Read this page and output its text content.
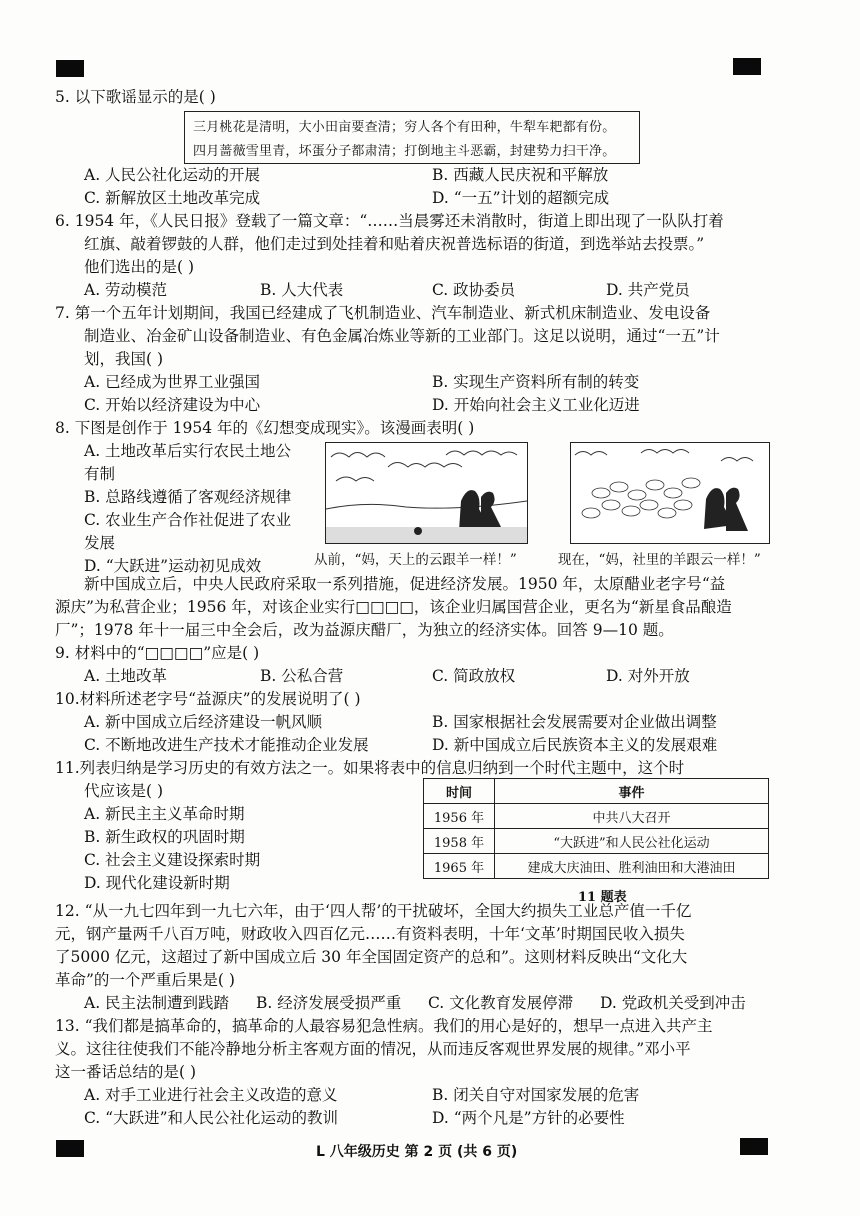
5. 以下歌谣显示的是( )
三月桃花是清明，大小田亩要查清；穷人各个有田种，牛犁车耙都有份。
四月蔷薇雪里青，坏蛋分子都肃清；打倒地主斗恶霸，封建势力扫干净。
A. 人民公社化运动的开展	B. 西藏人民庆祝和平解放
C. 新解放区土地改革完成	D. “一五”计划的超额完成
6. 1954 年，《人民日报》登载了一篇文章：“……当晨雾还未消散时，街道上即出现了一队队打着
红旗、敲着锣鼓的人群，他们走过到处挂着和贴着庆祝普选标语的街道，到选举站去投票。”
他们选出的是( )
A. 劳动模范	B. 人大代表	C. 政协委员	D. 共产党员
7. 第一个五年计划期间，我国已经建成了飞机制造业、汽车制造业、新式机床制造业、发电设备
制造业、冶金矿山设备制造业、有色金属冶炼业等新的工业部门。这足以说明，通过“一五”计
划，我国( )
A. 已经成为世界工业强国	B. 实现生产资料所有制的转变
C. 开始以经济建设为中心	D. 开始向社会主义工业化迈进
8. 下图是创作于 1954 年的《幻想变成现实》。该漫画表明( )
A. 土地改革后实行农民土地公
有制
B. 总路线遵循了客观经济规律
C. 农业生产合作社促进了农业
发展
D. “大跃进”运动初见成效	从前，“妈，天上的云跟羊一样！”	现在，“妈，社里的羊跟云一样！”
新中国成立后，中央人民政府采取一系列措施，促进经济发展。1950 年，太原醋业老字号“益
源庆”为私营企业；1956 年，对该企业实行□□□□，该企业归属国营企业，更名为“新星食品酿造
厂”；1978 年十一届三中全会后，改为益源庆醋厂，为独立的经济实体。回答 9—10 题。
9. 材料中的“□□□□”应是( )
A. 土地改革	B. 公私合营	C. 简政放权	D. 对外开放
10.材料所述老字号“益源庆”的发展说明了( )
A. 新中国成立后经济建设一帆风顺	B. 国家根据社会发展需要对企业做出调整
C. 不断地改进生产技术才能推动企业发展	D. 新中国成立后民族资本主义的发展艰难
11.列表归纳是学习历史的有效方法之一。如果将表中的信息归纳到一个时代主题中，这个时
代应该是( )
A. 新民主主义革命时期
B. 新生政权的巩固时期
C. 社会主义建设探索时期
D. 现代化建设新时期
时间	事件
1956 年	中共八大召开
1958 年	“大跃进”和人民公社化运动
1965 年	建成大庆油田、胜利油田和大港油田
11 题表
12. “从一九七四年到一九七六年，由于‘四人帮’的干扰破坏，全国大约损失工业总产值一千亿
元，钢产量两千八百万吨，财政收入四百亿元……有资料表明，十年‘文革’时期国民收入损失
了5000 亿元，这超过了新中国成立后 30 年全国固定资产的总和”。这则材料反映出“文化大
革命”的一个严重后果是( )
A. 民主法制遭到践踏 B. 经济发展受损严重 C. 文化教育发展停滞 D. 党政机关受到冲击
13. “我们都是搞革命的，搞革命的人最容易犯急性病。我们的用心是好的，想早一点进入共产主
义。这往往使我们不能冷静地分析主客观方面的情况，从而违反客观世界发展的规律。”邓小平
这一番话总结的是( )
A. 对手工业进行社会主义改造的意义	B. 闭关自守对国家发展的危害
C. “大跃进”和人民公社化运动的教训	D. “两个凡是”方针的必要性
L 八年级历史 第 2 页 (共 6 页)
